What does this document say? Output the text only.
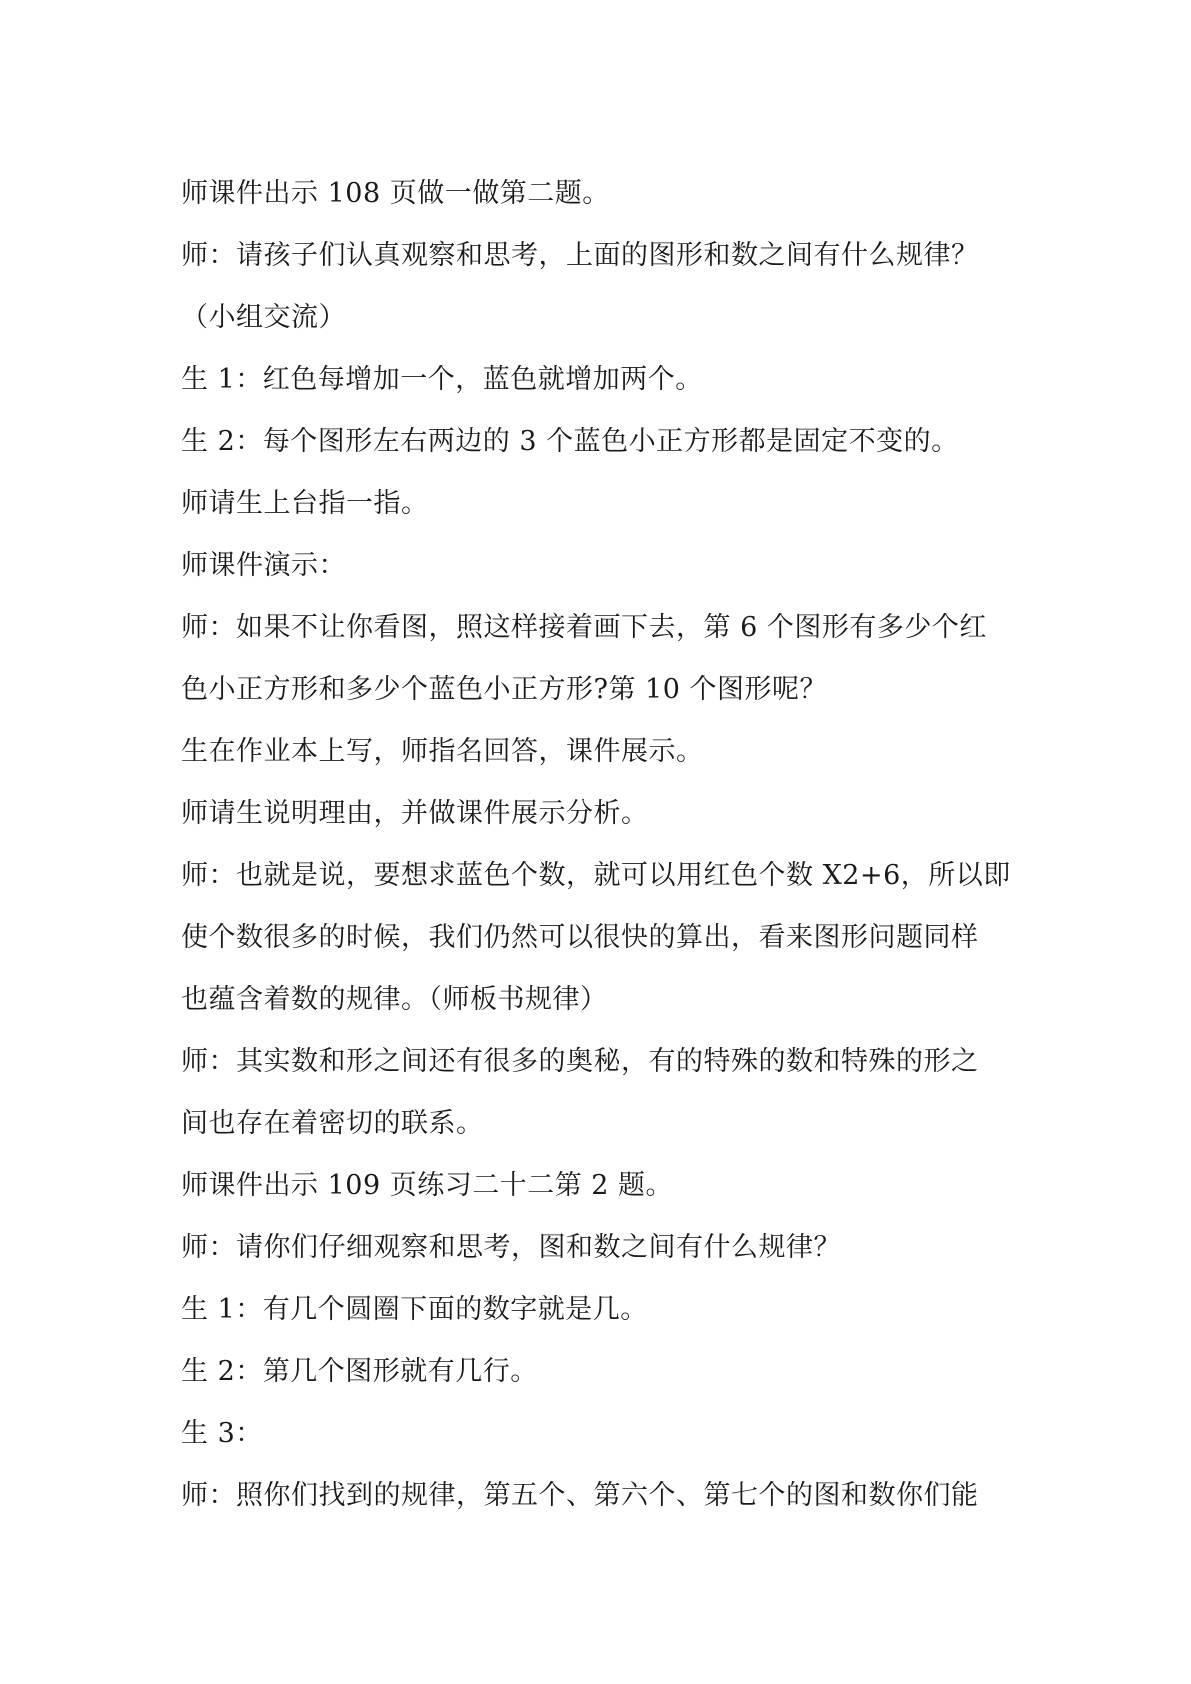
师课件出示 108 页做一做第二题。
师：请孩子们认真观察和思考，上面的图形和数之间有什么规律？
（小组交流）
生 1：红色每增加一个，蓝色就增加两个。
生 2：每个图形左右两边的 3 个蓝色小正方形都是固定不变的。
师请生上台指一指。
师课件演示：
师：如果不让你看图，照这样接着画下去，第 6 个图形有多少个红
色小正方形和多少个蓝色小正方形?第 10 个图形呢？
生在作业本上写，师指名回答，课件展示。
师请生说明理由，并做课件展示分析。
师：也就是说，要想求蓝色个数，就可以用红色个数 X2+6，所以即
使个数很多的时候，我们仍然可以很快的算出，看来图形问题同样
也蕴含着数的规律。（师板书规律）
师：其实数和形之间还有很多的奥秘，有的特殊的数和特殊的形之
间也存在着密切的联系。
师课件出示 109 页练习二十二第 2 题。
师：请你们仔细观察和思考，图和数之间有什么规律？
生 1：有几个圆圈下面的数字就是几。
生 2：第几个图形就有几行。
生 3：
师：照你们找到的规律，第五个、第六个、第七个的图和数你们能
